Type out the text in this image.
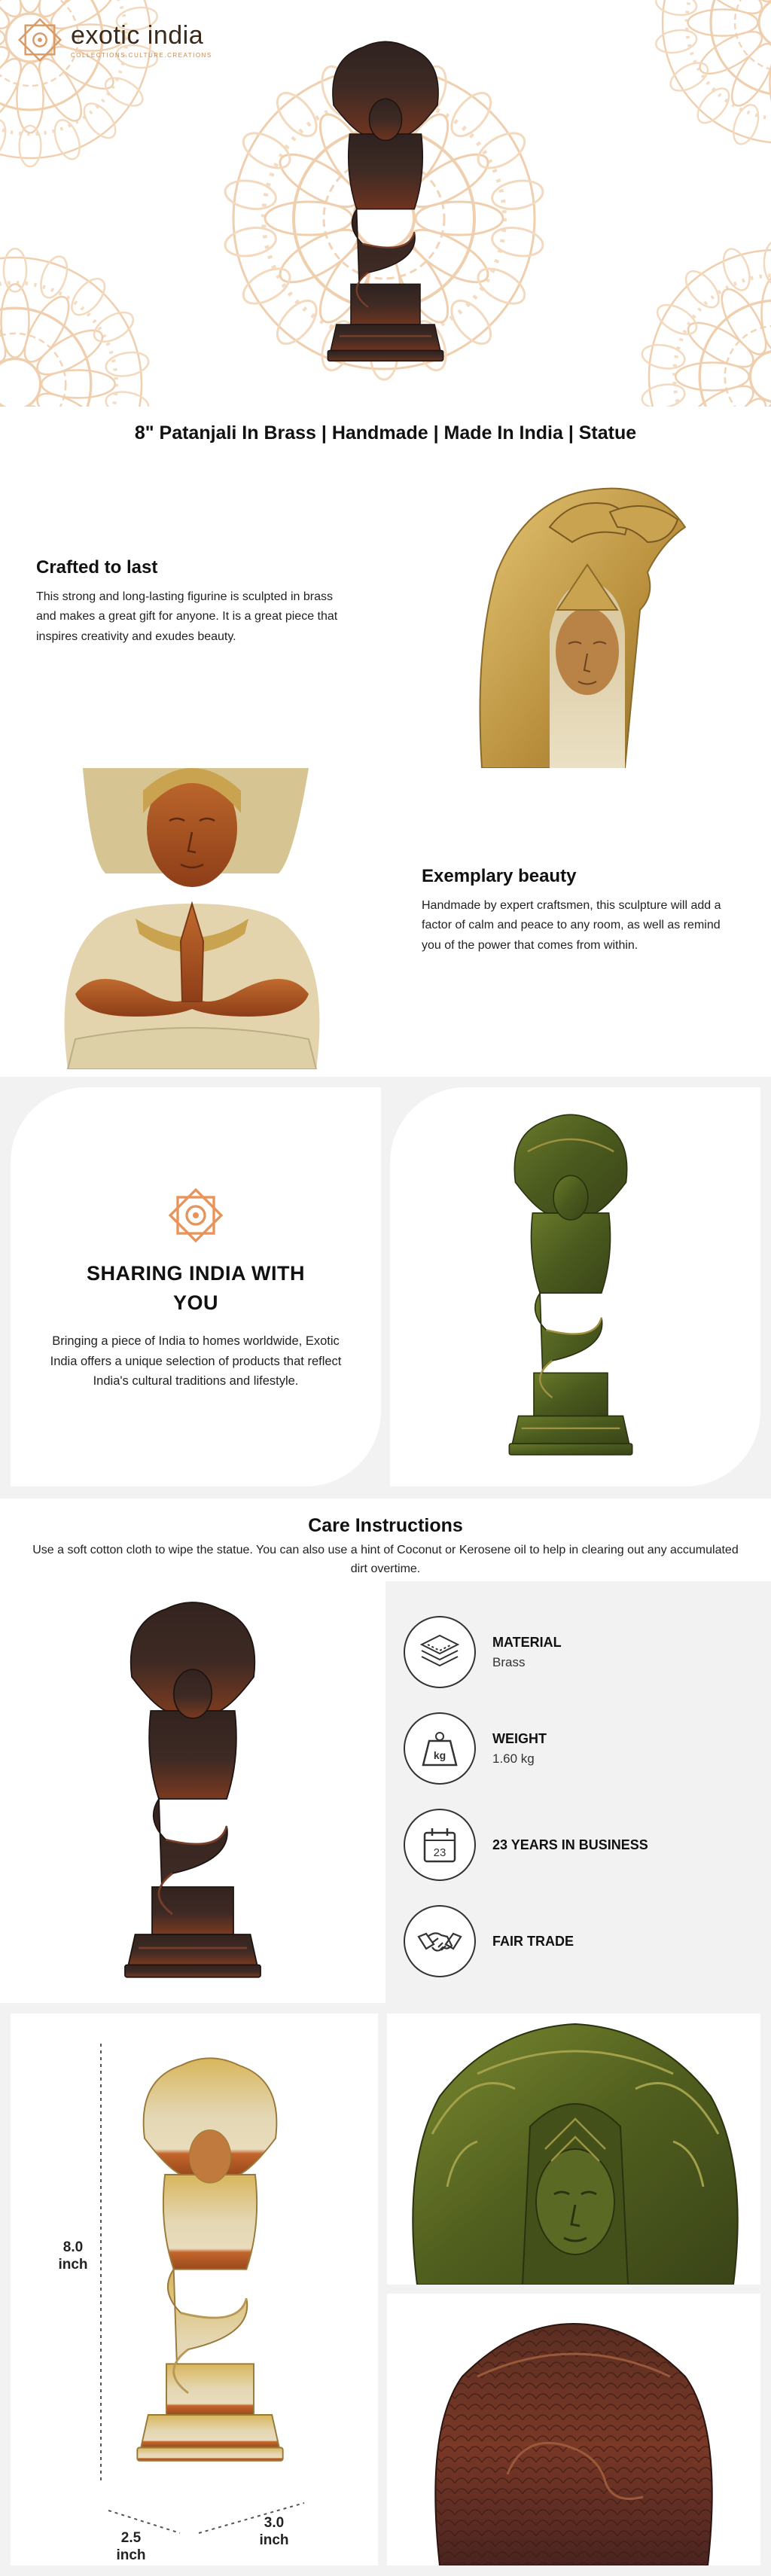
exotic india
COLLECTIONS.CULTURE.CREATIONS
8" Patanjali In Brass | Handmade | Made In India | Statue
Crafted to last

This strong and long-lasting figurine is sculpted in brass and makes a great gift for anyone. It is a great piece that inspires creativity and exudes beauty.

Exemplary beauty

Handmade by expert craftsmen, this sculpture will add a factor of calm and peace to any room, as well as remind you of the power that comes from within.

SHARING INDIA WITH
YOU

Bringing a piece of India to homes worldwide, Exotic India offers a unique selection of products that reflect India's cultural traditions and lifestyle.

Care Instructions

Use a soft cotton cloth to wipe the statue. You can also use a hint of Coconut or Kerosene oil to help in clearing out any accumulated dirt overtime.

MATERIAL
Brass
kg
WEIGHT
1.60 kg
23
23 YEARS IN BUSINESS
FAIR TRADE
8.0
inch
2.5
inch
3.0
inch
